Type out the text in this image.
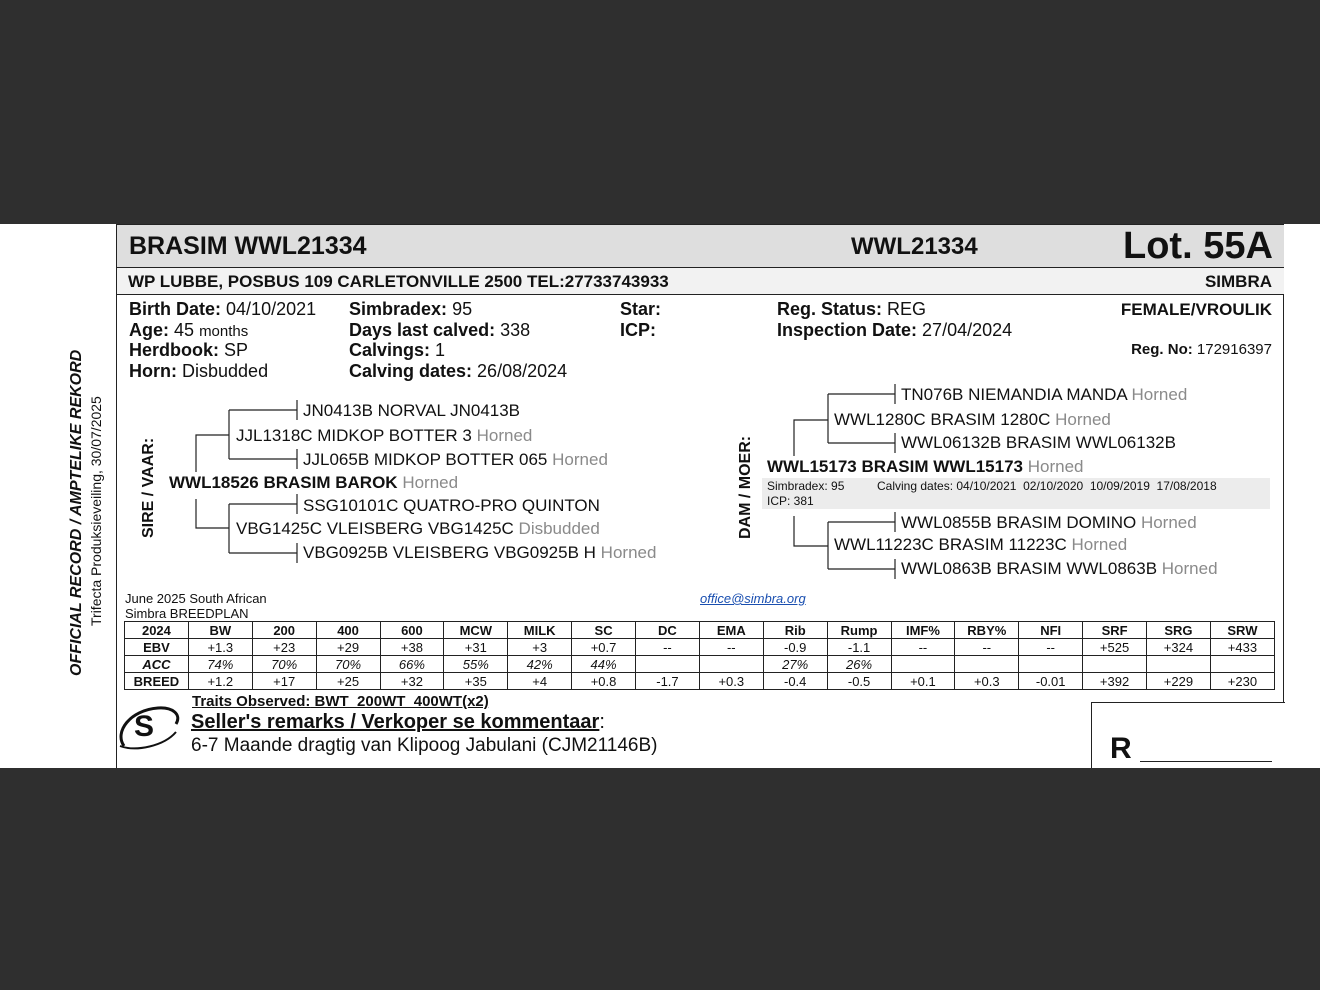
OFFICIAL RECORD / AMPTELIKE REKORD Trifecta Produksieveiling, 30/07/2025
BRASIM WWL21334	WWL21334	Lot. 55A
WP LUBBE, POSBUS 109 CARLETONVILLE 2500 TEL:27733743933	SIMBRA
Birth Date: 04/10/2021
Age: 45 months
Herdbook: SP
Horn: Disbudded
Simbradex: 95
Days last calved: 338
Calvings: 1
Calving dates: 26/08/2024
Star:
ICP:
Reg. Status: REG
Inspection Date: 27/04/2024
FEMALE/VROULIK
Reg. No: 172916397
SIRE / VAAR:
JN0413B NORVAL JN0413B
JJL1318C MIDKOP BOTTER 3 Horned
JJL065B MIDKOP BOTTER 065 Horned
WWL18526 BRASIM BAROK Horned
SSG10101C QUATRO-PRO QUINTON
VBG1425C VLEISBERG VBG1425C Disbudded
VBG0925B VLEISBERG VBG0925B H Horned
DAM / MOER:
TN076B NIEMANDIA MANDA Horned
WWL1280C BRASIM 1280C Horned
WWL06132B BRASIM WWL06132B
WWL15173 BRASIM WWL15173 Horned
Simbradex: 95	Calving dates: 04/10/2021  02/10/2020  10/09/2019  17/08/2018
ICP: 381
WWL0855B BRASIM DOMINO Horned
WWL11223C BRASIM 11223C Horned
WWL0863B BRASIM WWL0863B Horned
June 2025 South African
Simbra BREEDPLAN
office@simbra.org
2024	BW	200	400	600	MCW	MILK	SC	DC	EMA	Rib	Rump	IMF%	RBY%	NFI	SRF	SRG	SRW
EBV	+1.3	+23	+29	+38	+31	+3	+0.7	--	--	-0.9	-1.1	--	--	--	+525	+324	+433
ACC	74%	70%	70%	66%	55%	42%	44%			27%	26%						
BREED	+1.2	+17	+25	+32	+35	+4	+0.8	-1.7	+0.3	-0.4	-0.5	+0.1	+0.3	-0.01	+392	+229	+230
S
Traits Observed: BWT  200WT  400WT(x2)
Seller's remarks / Verkoper se kommentaar:
6-7 Maande dragtig van Klipoog Jabulani (CJM21146B)	R
